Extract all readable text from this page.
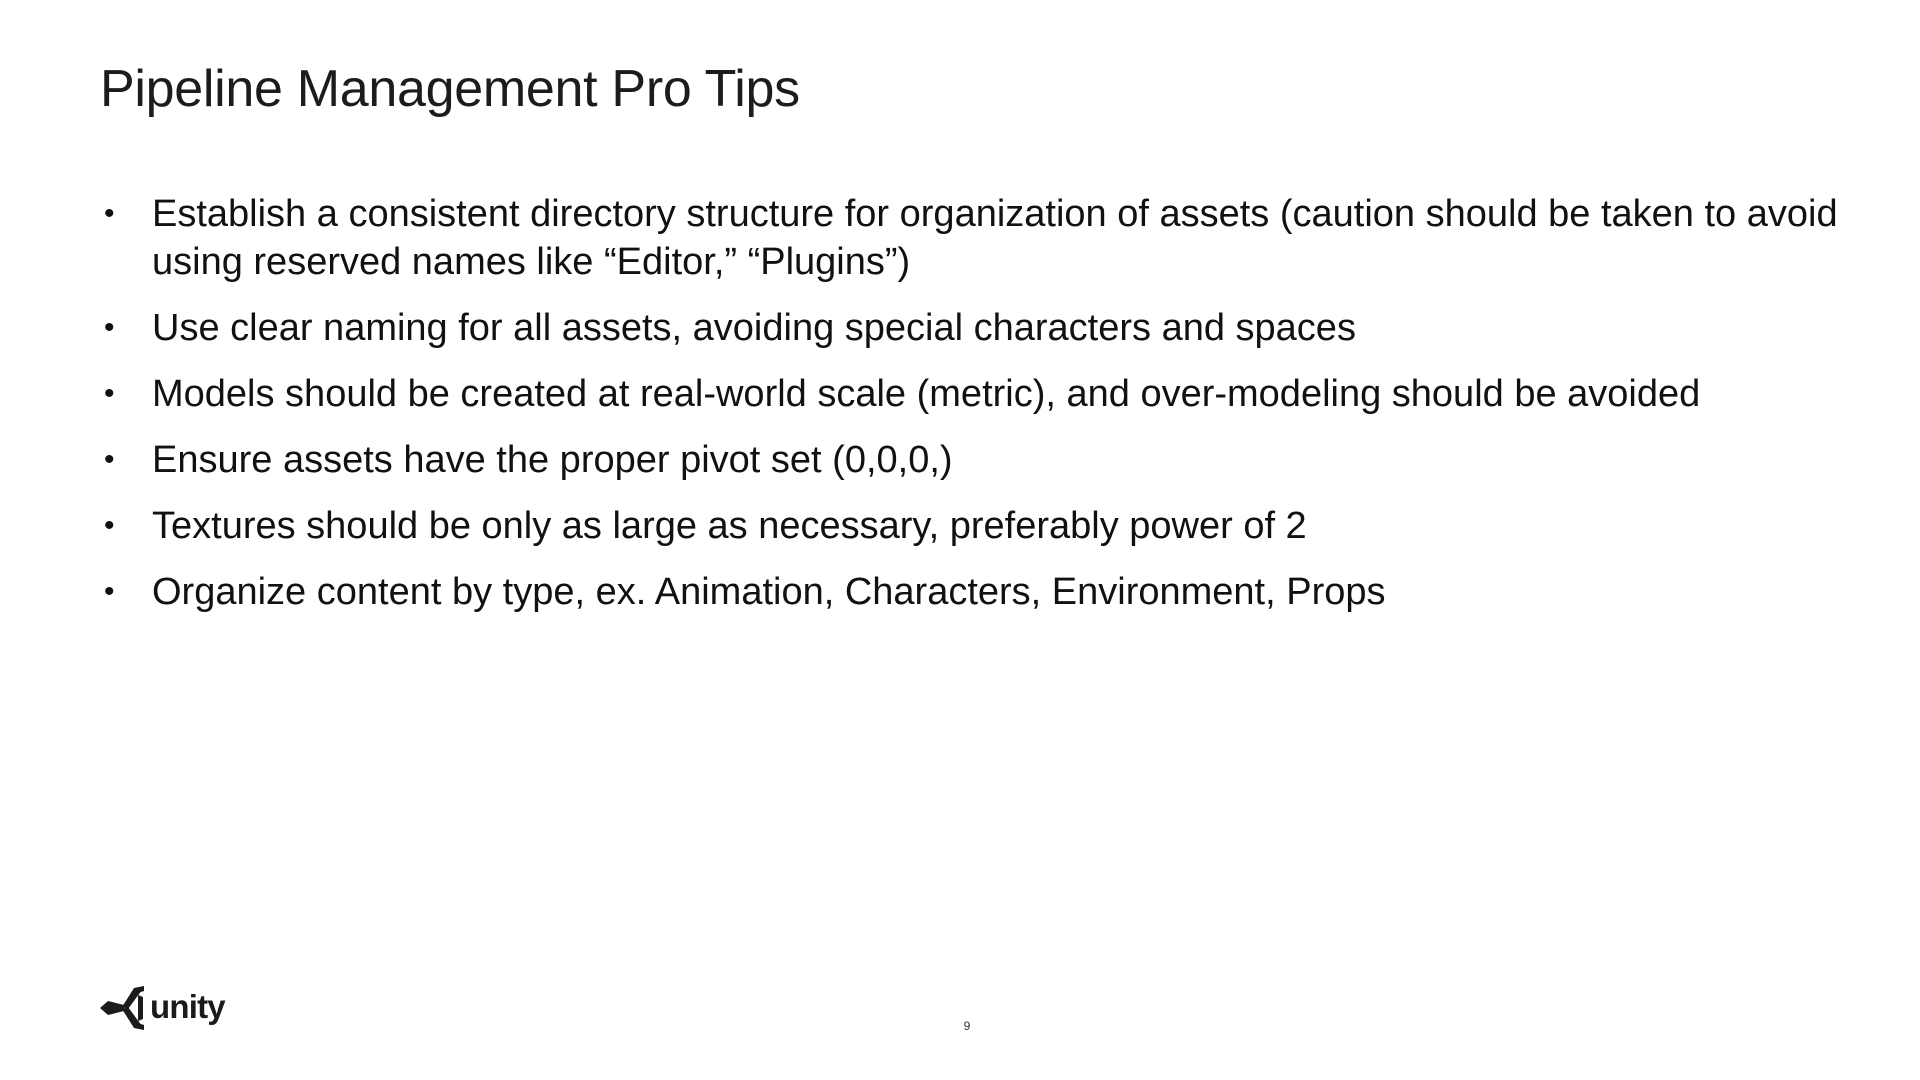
Pipeline Management Pro Tips
• Establish a consistent directory structure for organization of assets (caution should be taken to avoid using reserved names like “Editor,” “Plugins”)
• Use clear naming for all assets, avoiding special characters and spaces
• Models should be created at real-world scale (metric), and over-modeling should be avoided
• Ensure assets have the proper pivot set (0,0,0,)
• Textures should be only as large as necessary, preferably power of 2
• Organize content by type, ex. Animation, Characters, Environment, Props
unity
9
